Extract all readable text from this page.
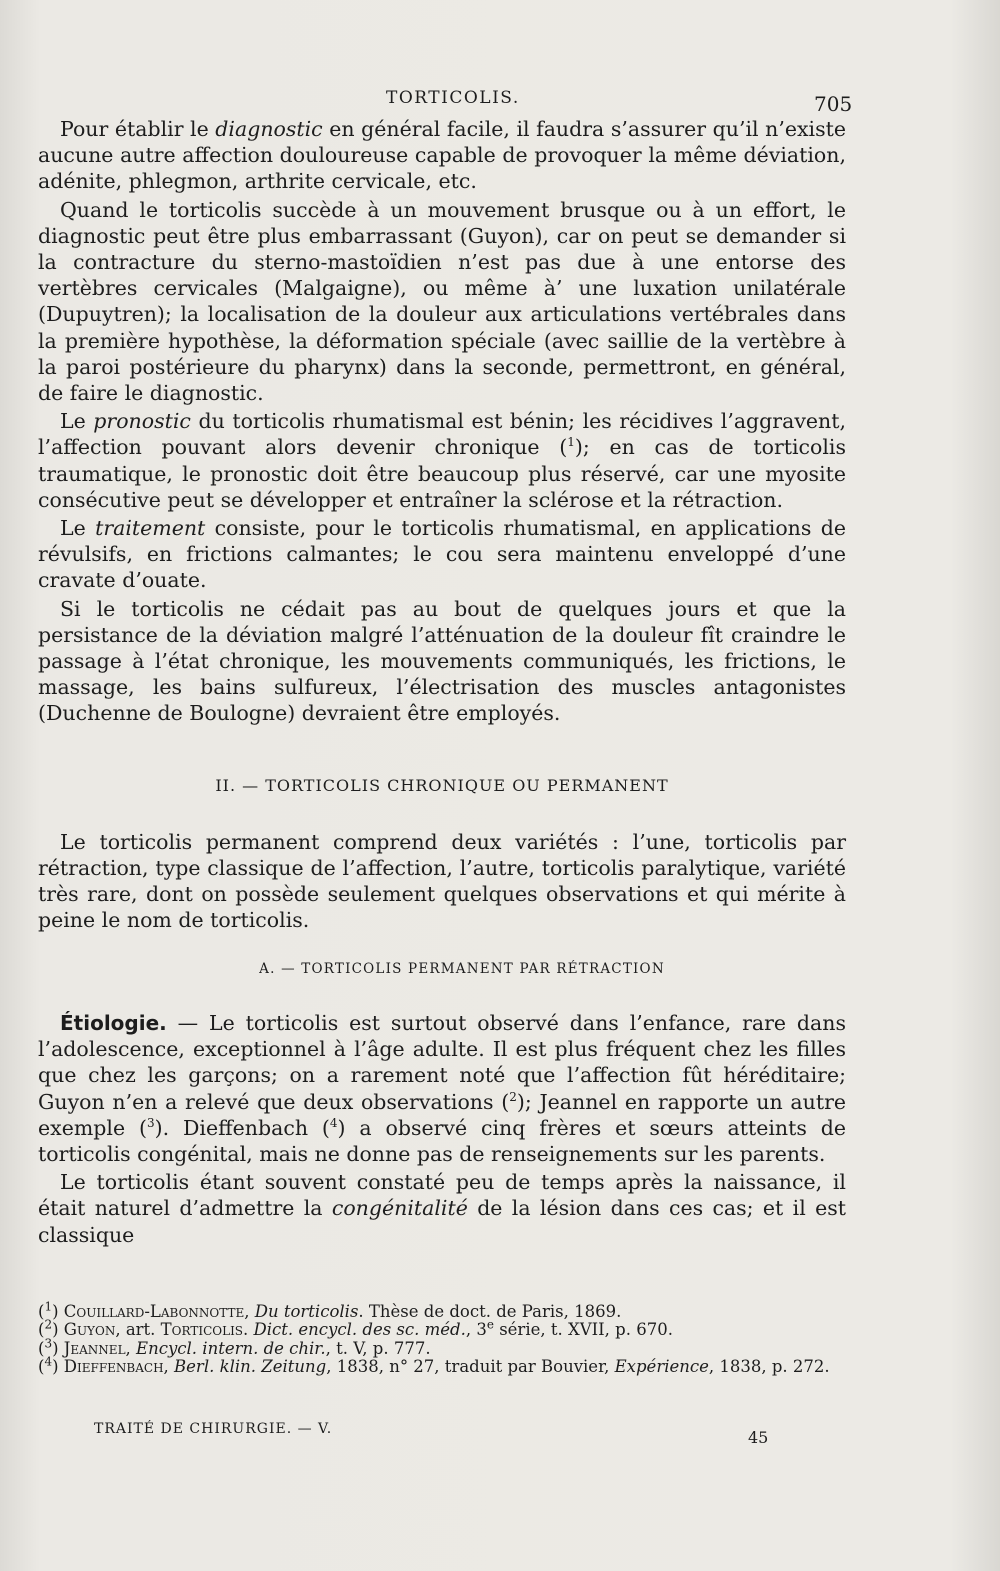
TORTICOLIS.	705

Pour établir le diagnostic en général facile, il faudra s’assurer qu’il n’existe aucune autre affection douloureuse capable de provoquer la même déviation, adénite, phlegmon, arthrite cervicale, etc.

Quand le torticolis succède à un mouvement brusque ou à un effort, le diagnostic peut être plus embarrassant (Guyon), car on peut se demander si la contracture du sterno-mastoïdien n’est pas due à une entorse des vertèbres cervicales (Malgaigne), ou même à’ une luxation unilatérale (Dupuytren); la localisation de la douleur aux articulations vertébrales dans la première hypothèse, la déformation spéciale (avec saillie de la vertèbre à la paroi postérieure du pharynx) dans la seconde, permettront, en général, de faire le diagnostic.

Le pronostic du torticolis rhumatismal est bénin; les récidives l’aggravent, l’affection pouvant alors devenir chronique ($^1$); en cas de torticolis traumatique, le pronostic doit être beaucoup plus réservé, car une myosite consécutive peut se développer et entraîner la sclérose et la rétraction.

Le traitement consiste, pour le torticolis rhumatismal, en applications de révulsifs, en frictions calmantes; le cou sera maintenu enveloppé d’une cravate d’ouate.

Si le torticolis ne cédait pas au bout de quelques jours et que la persistance de la déviation malgré l’atténuation de la douleur fît craindre le passage à l’état chronique, les mouvements communiqués, les frictions, le massage, les bains sulfureux, l’électrisation des muscles antagonistes (Duchenne de Boulogne) devraient être employés.

II. — TORTICOLIS CHRONIQUE OU PERMANENT

Le torticolis permanent comprend deux variétés : l’une, torticolis par rétraction, type classique de l’affection, l’autre, torticolis paralytique, variété très rare, dont on possède seulement quelques observations et qui mérite à peine le nom de torticolis.

A. — TORTICOLIS PERMANENT PAR RÉTRACTION

Étiologie. — Le torticolis est surtout observé dans l’enfance, rare dans l’adolescence, exceptionnel à l’âge adulte. Il est plus fréquent chez les filles que chez les garçons; on a rarement noté que l’affection fût héréditaire; Guyon n’en a relevé que deux observations ($^2$); Jeannel en rapporte un autre exemple ($^3$). Dieffenbach ($^4$) a observé cinq frères et sœurs atteints de torticolis congénital, mais ne donne pas de renseignements sur les parents.

Le torticolis étant souvent constaté peu de temps après la naissance, il était naturel d’admettre la congénitalité de la lésion dans ces cas; et il est classique

($^1$) Couillard-Labonnotte, Du torticolis. Thèse de doct. de Paris, 1869.
($^2$) Guyon, art. Torticolis. Dict. encycl. des sc. méd., 3e série, t. XVII, p. 670.
($^3$) Jeannel, Encycl. intern. de chir., t. V, p. 777.
($^4$) Dieffenbach, Berl. klin. Zeitung, 1838, n° 27, traduit par Bouvier, Expérience, 1838, p. 272.
TRAITÉ DE CHIRURGIE. — V.	45
